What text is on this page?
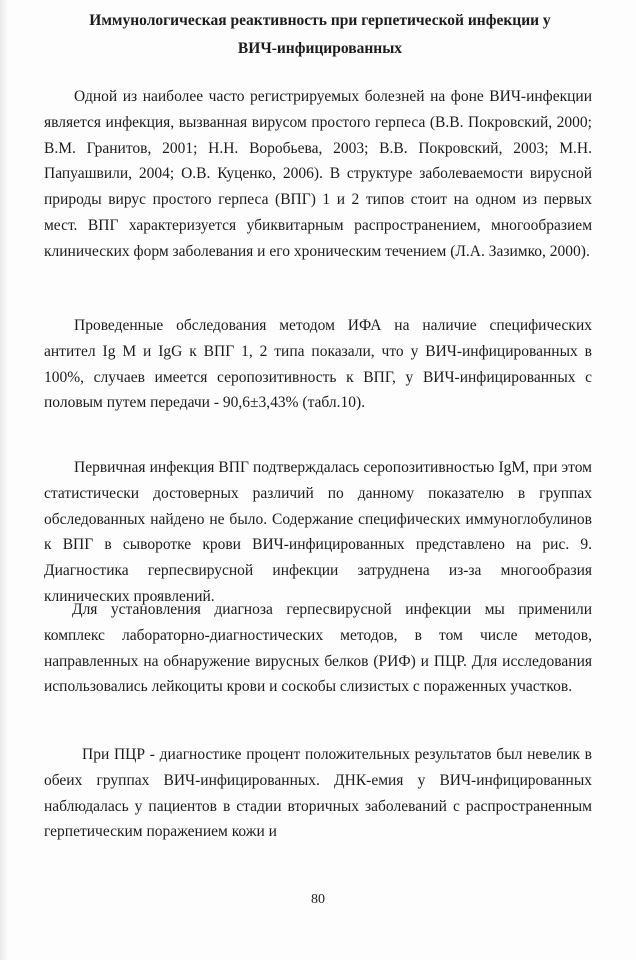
Иммунологическая реактивность при герпетической инфекции у
ВИЧ-инфицированных

Одной из наиболее часто регистрируемых болезней на фоне ВИЧ-инфекции является инфекция, вызванная вирусом простого герпеса (В.В. Покровский, 2000; В.М. Гранитов, 2001; Н.Н. Воробьева, 2003; В.В. Покровский, 2003; М.Н. Папуашвили, 2004; О.В. Куценко, 2006). В структуре заболеваемости вирусной природы вирус простого герпеса (ВПГ) 1 и 2 типов стоит на одном из первых мест. ВПГ характеризуется убиквитарным распространением, многообразием клинических форм заболевания и его хроническим течением (Л.А. Зазимко, 2000).

Проведенные обследования методом ИФА на наличие специфических антител Ig M и IgG к ВПГ 1, 2 типа показали, что у ВИЧ-инфицированных в 100%, случаев имеется серопозитивность к ВПГ, у ВИЧ-инфицированных с половым путем передачи - 90,6±3,43% (табл.10).

Первичная инфекция ВПГ подтверждалась серопозитивностью IgM, при этом статистически достоверных различий по данному показателю в группах обследованных найдено не было. Содержание специфических иммуноглобулинов к ВПГ в сыворотке крови ВИЧ-инфицированных представлено на рис. 9. Диагностика герпесвирусной инфекции затруднена из-за многообразия клинических проявлений.

Для установления диагноза герпесвирусной инфекции мы применили комплекс лабораторно-диагностических методов, в том числе методов, направленных на обнаружение вирусных белков (РИФ) и ПЦР. Для исследования использовались лейкоциты крови и соскобы слизистых с пораженных участков.

При ПЦР - диагностике процент положительных результатов был невелик в обеих группах ВИЧ-инфицированных. ДНК-емия у ВИЧ-инфицированных наблюдалась у пациентов в стадии вторичных заболеваний с распространенным герпетическим поражением кожи и

80
